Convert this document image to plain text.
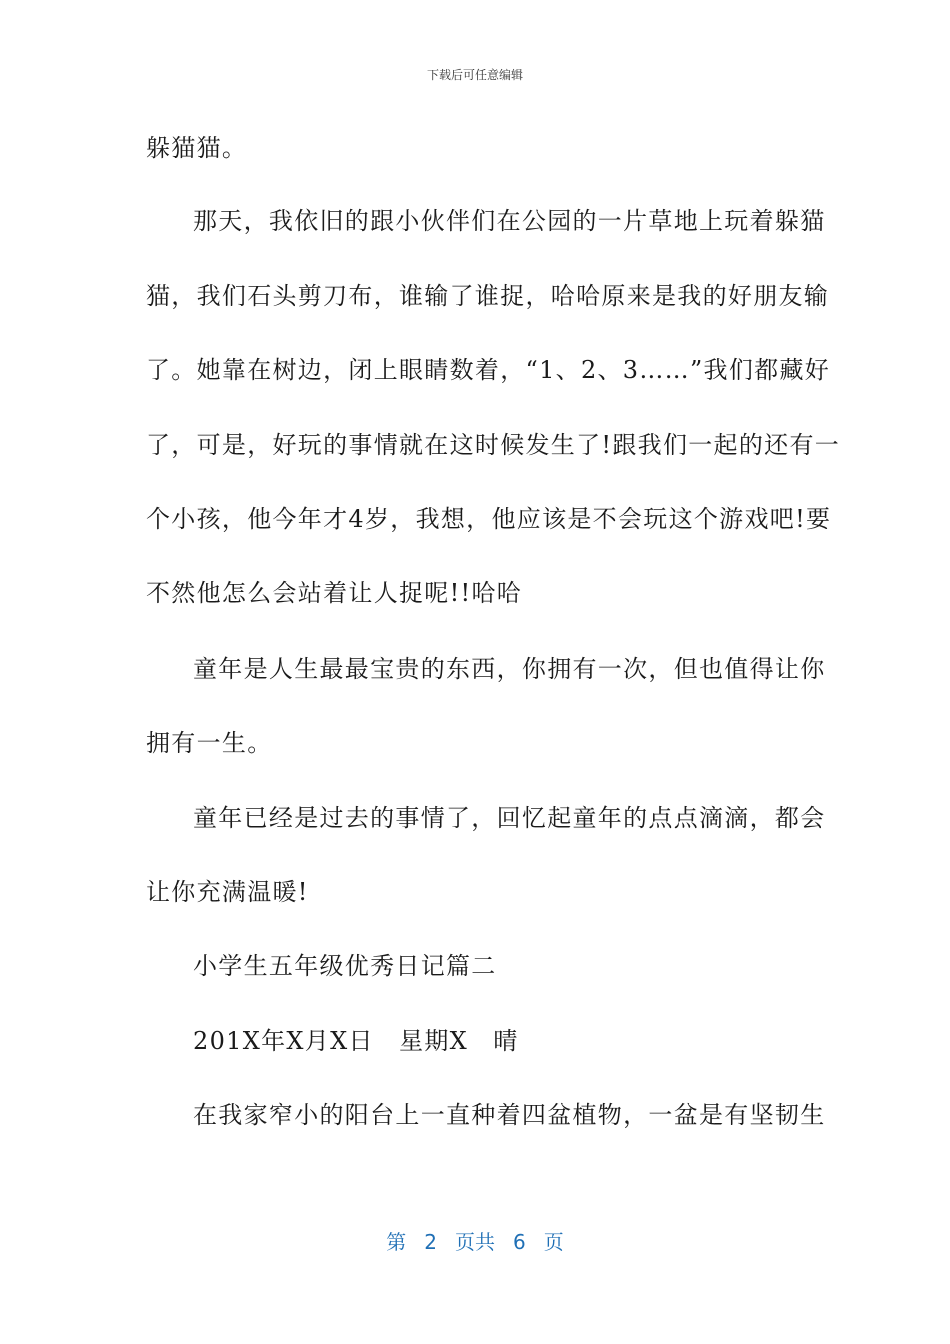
下载后可任意编辑
躲猫猫。
那天，我依旧的跟小伙伴们在公园的一片草地上玩着躲猫
猫，我们石头剪刀布，谁输了谁捉，哈哈原来是我的好朋友输
了。她靠在树边，闭上眼睛数着，“1、2、3……”我们都藏好
了，可是，好玩的事情就在这时候发生了!跟我们一起的还有一
个小孩，他今年才4岁，我想，他应该是不会玩这个游戏吧!要
不然他怎么会站着让人捉呢!!哈哈
童年是人生最最宝贵的东西，你拥有一次，但也值得让你
拥有一生。
童年已经是过去的事情了，回忆起童年的点点滴滴，都会
让你充满温暖!
小学生五年级优秀日记篇二
201X年X月X日　星期X　晴
在我家窄小的阳台上一直种着四盆植物，一盆是有坚韧生
第 2 页共 6 页
